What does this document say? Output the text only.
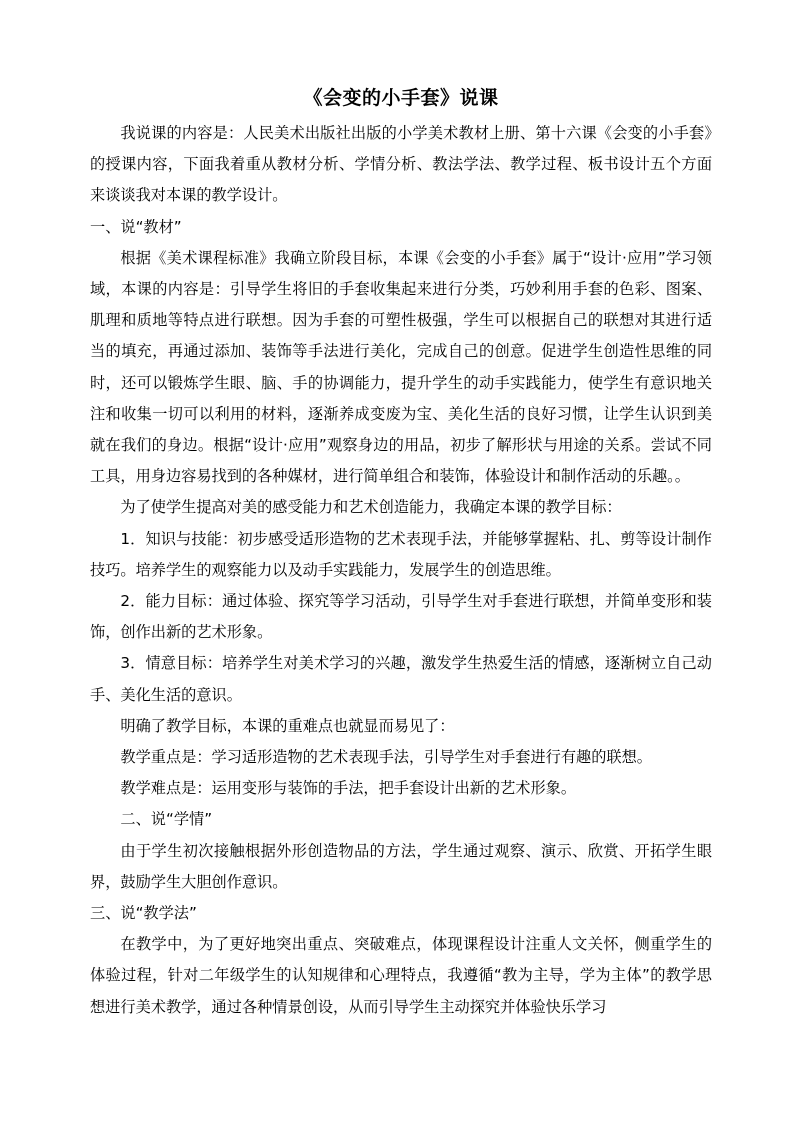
《会变的小手套》说课

我说课的内容是：人民美术出版社出版的小学美术教材上册、第十六课《会变的小手套》的授课内容，下面我着重从教材分析、学情分析、教法学法、教学过程、板书设计五个方面来谈谈我对本课的教学设计。

一、说“教材”

根据《美术课程标准》我确立阶段目标，本课《会变的小手套》属于“设计·应用”学习领域，本课的内容是：引导学生将旧的手套收集起来进行分类，巧妙利用手套的色彩、图案、肌理和质地等特点进行联想。因为手套的可塑性极强，学生可以根据自己的联想对其进行适当的填充，再通过添加、装饰等手法进行美化，完成自己的创意。促进学生创造性思维的同时，还可以锻炼学生眼、脑、手的协调能力，提升学生的动手实践能力，使学生有意识地关注和收集一切可以利用的材料，逐渐养成变废为宝、美化生活的良好习惯，让学生认识到美就在我们的身边。根据“设计·应用”观察身边的用品，初步了解形状与用途的关系。尝试不同工具，用身边容易找到的各种媒材，进行简单组合和装饰，体验设计和制作活动的乐趣。。

为了使学生提高对美的感受能力和艺术创造能力，我确定本课的教学目标：

1．知识与技能：初步感受适形造物的艺术表现手法，并能够掌握粘、扎、剪等设计制作技巧。培养学生的观察能力以及动手实践能力，发展学生的创造思维。

2．能力目标：通过体验、探究等学习活动，引导学生对手套进行联想，并简单变形和装饰，创作出新的艺术形象。

3．情意目标：培养学生对美术学习的兴趣，激发学生热爱生活的情感，逐渐树立自己动手、美化生活的意识。

明确了教学目标，本课的重难点也就显而易见了：

教学重点是：学习适形造物的艺术表现手法，引导学生对手套进行有趣的联想。

教学难点是：运用变形与装饰的手法，把手套设计出新的艺术形象。

二、说“学情”

由于学生初次接触根据外形创造物品的方法，学生通过观察、演示、欣赏、开拓学生眼界，鼓励学生大胆创作意识。

三、说“教学法”

在教学中，为了更好地突出重点、突破难点，体现课程设计注重人文关怀，侧重学生的体验过程，针对二年级学生的认知规律和心理特点，我遵循“教为主导，学为主体”的教学思想进行美术教学，通过各种情景创设，从而引导学生主动探究并体验快乐学习
